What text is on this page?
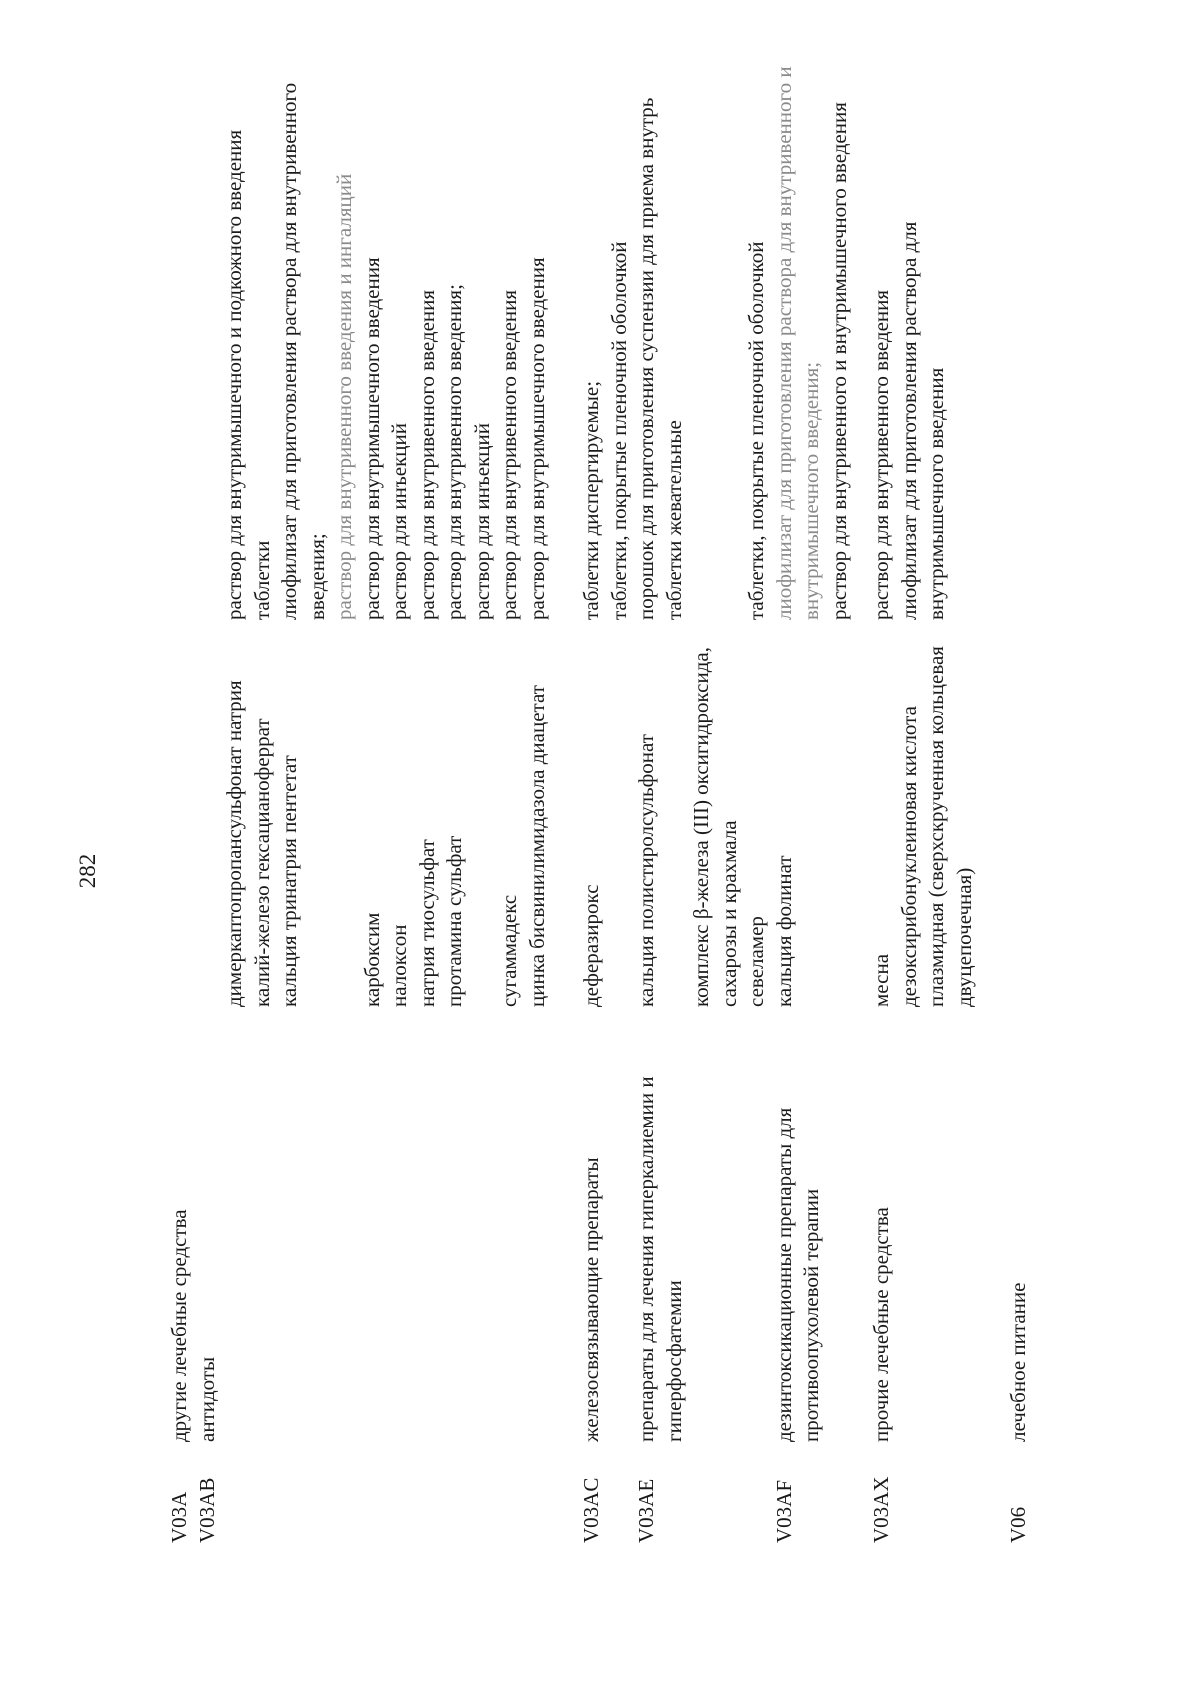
282
V03A
другие лечебные средства
V03AB
антидоты
димеркаптопропансульфонат натрия калий-железо гексацианоферрат кальция тринатрия пентетат

	карбоксим налоксон натрия тиосульфат протамина сульфат
сугаммадекс цинка бисвинилимидазола диацетат
раствор для внутримышечного и подкожного введения таблетки лиофилизат для приготовления раствора для внутривенного введения; раствор для внутривенного введения и ингаляций раствор для внутримышечного введения раствор для инъекций раствор для внутривенного введения раствор для внутривенного введения; раствор для инъекций раствор для внутривенного введения раствор для внутримышечного введения
V03AC
железосвязывающие препараты
деферазирокс
таблетки диспергируемые; таблетки, покрытые пленочной оболочкой
V03AE
препараты для лечения гиперкалиемии и гиперфосфатемии
кальция полистиролсульфонат
комплекс β-железа (III) оксигидроксида, сахарозы и крахмала севеламер
порошок для приготовления суспензии для приема внутрь таблетки жевательные

	таблетки, покрытые пленочной оболочкой
V03AF
дезинтоксикационные препараты для противоопухолевой терапии
кальция фолинат
лиофилизат для приготовления раствора для внутривенного и внутримышечного введения; раствор для внутривенного и внутримышечного введения
V03AX
прочие лечебные средства
месна дезоксирибонуклеиновая кислота плазмидная (сверхскрученная кольцевая двуцепочечная)
раствор для внутривенного введения лиофилизат для приготовления раствора для внутримышечного введения
V06
лечебное питание
